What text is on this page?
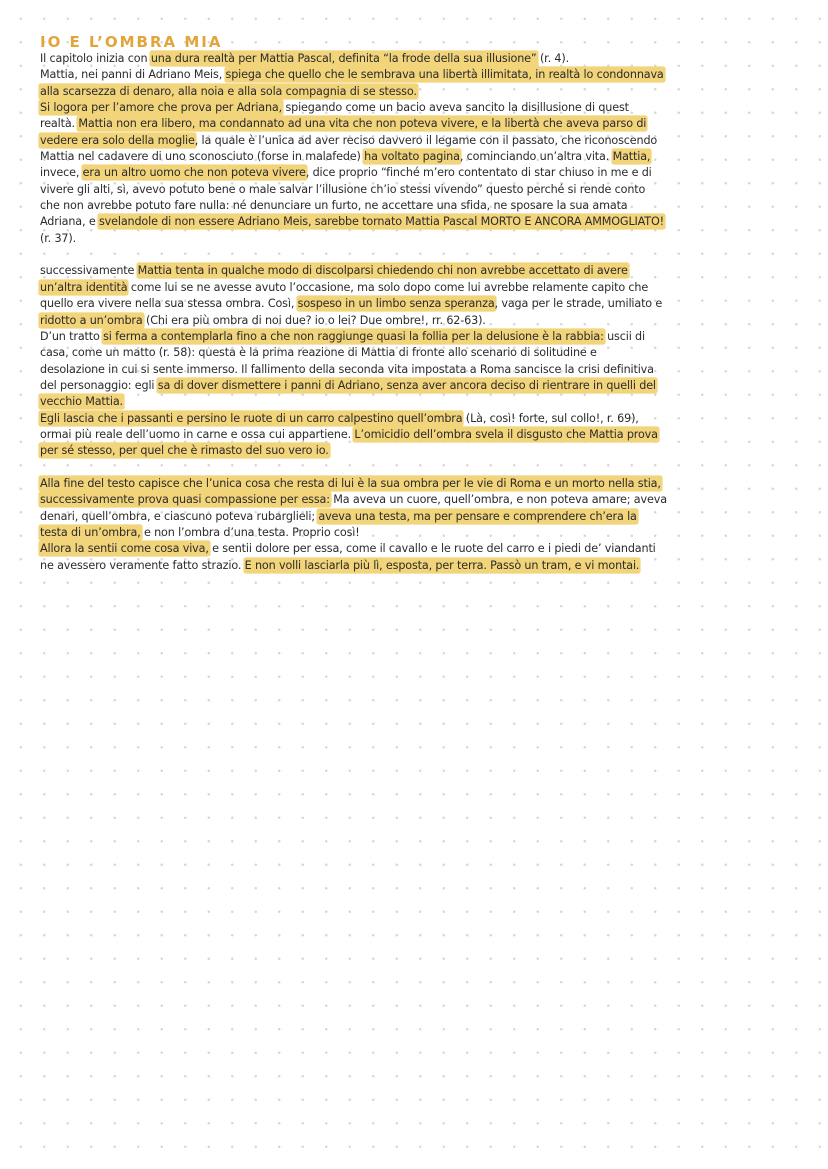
IO E L’OMBRA MIA
Il capitolo inizia con una dura realtà per Mattia Pascal, definita “la frode della sua illusione” (r. 4).
Mattia, nei panni di Adriano Meis, spiega che quello che le sembrava una libertà illimitata, in realtà lo condonnava
alla scarsezza di denaro, alla noia e alla sola compagnia di se stesso.
Si logora per l’amore che prova per Adriana, spiegando come un bacio aveva sancito la disillusione di quest
realtà. Mattia non era libero, ma condannato ad una vita che non poteva vivere, e la libertà che aveva parso di
vedere era solo della moglie, la quale è l’unica ad aver reciso davvero il legame con il passato, che riconoscendo
Mattia nel cadavere di uno sconosciuto (forse in malafede) ha voltato pagina, cominciando un’altra vita. Mattia,
invece, era un altro uomo che non poteva vivere, dice proprio “finché m’ero contentato di star chiuso in me e di
vivere gli alti, sì, avevo potuto bene o male salvar l’illusione ch’io stessi vivendo” questo perché si rende conto
che non avrebbe potuto fare nulla: né denunciare un furto, ne accettare una sfida, ne sposare la sua amata
Adriana, e svelandole di non essere Adriano Meis, sarebbe tornato Mattia Pascal MORTO E ANCORA AMMOGLIATO!
(r. 37).
successivamente Mattia tenta in qualche modo di discolparsi chiedendo chi non avrebbe accettato di avere
un’altra identità come lui se ne avesse avuto l’occasione, ma solo dopo come lui avrebbe relamente capito che
quello era vivere nella sua stessa ombra. Così, sospeso in un limbo senza speranza, vaga per le strade, umiliato e
ridotto a un’ombra (Chi era più ombra di noi due? io o lei? Due ombre!, rr. 62-63).
D’un tratto si ferma a contemplarla fino a che non raggiunge quasi la follia per la delusione è la rabbia: uscii di
casa, come un matto (r. 58): questa è la prima reazione di Mattia di fronte allo scenario di solitudine e
desolazione in cui si sente immerso. Il fallimento della seconda vita impostata a Roma sancisce la crisi definitiva
del personaggio: egli sa di dover dismettere i panni di Adriano, senza aver ancora deciso di rientrare in quelli del
vecchio Mattia.
Egli lascia che i passanti e persino le ruote di un carro calpestino quell’ombra (Là, così! forte, sul collo!, r. 69),
ormai più reale dell’uomo in carne e ossa cui appartiene. L’omicidio dell’ombra svela il disgusto che Mattia prova
per sé stesso, per quel che è rimasto del suo vero io.
Alla fine del testo capisce che l’unica cosa che resta di lui è la sua ombra per le vie di Roma e un morto nella stia,
successivamente prova quasi compassione per essa: Ma aveva un cuore, quell’ombra, e non poteva amare; aveva
denari, quell’ombra, e ciascuno poteva rubarglieli; aveva una testa, ma per pensare e comprendere ch’era la
testa di un’ombra, e non l’ombra d’una testa. Proprio così!
Allora la sentii come cosa viva, e sentii dolore per essa, come il cavallo e le ruote del carro e i piedi de’ viandanti
ne avessero veramente fatto strazio. E non volli lasciarla più lì, esposta, per terra. Passò un tram, e vi montai.
